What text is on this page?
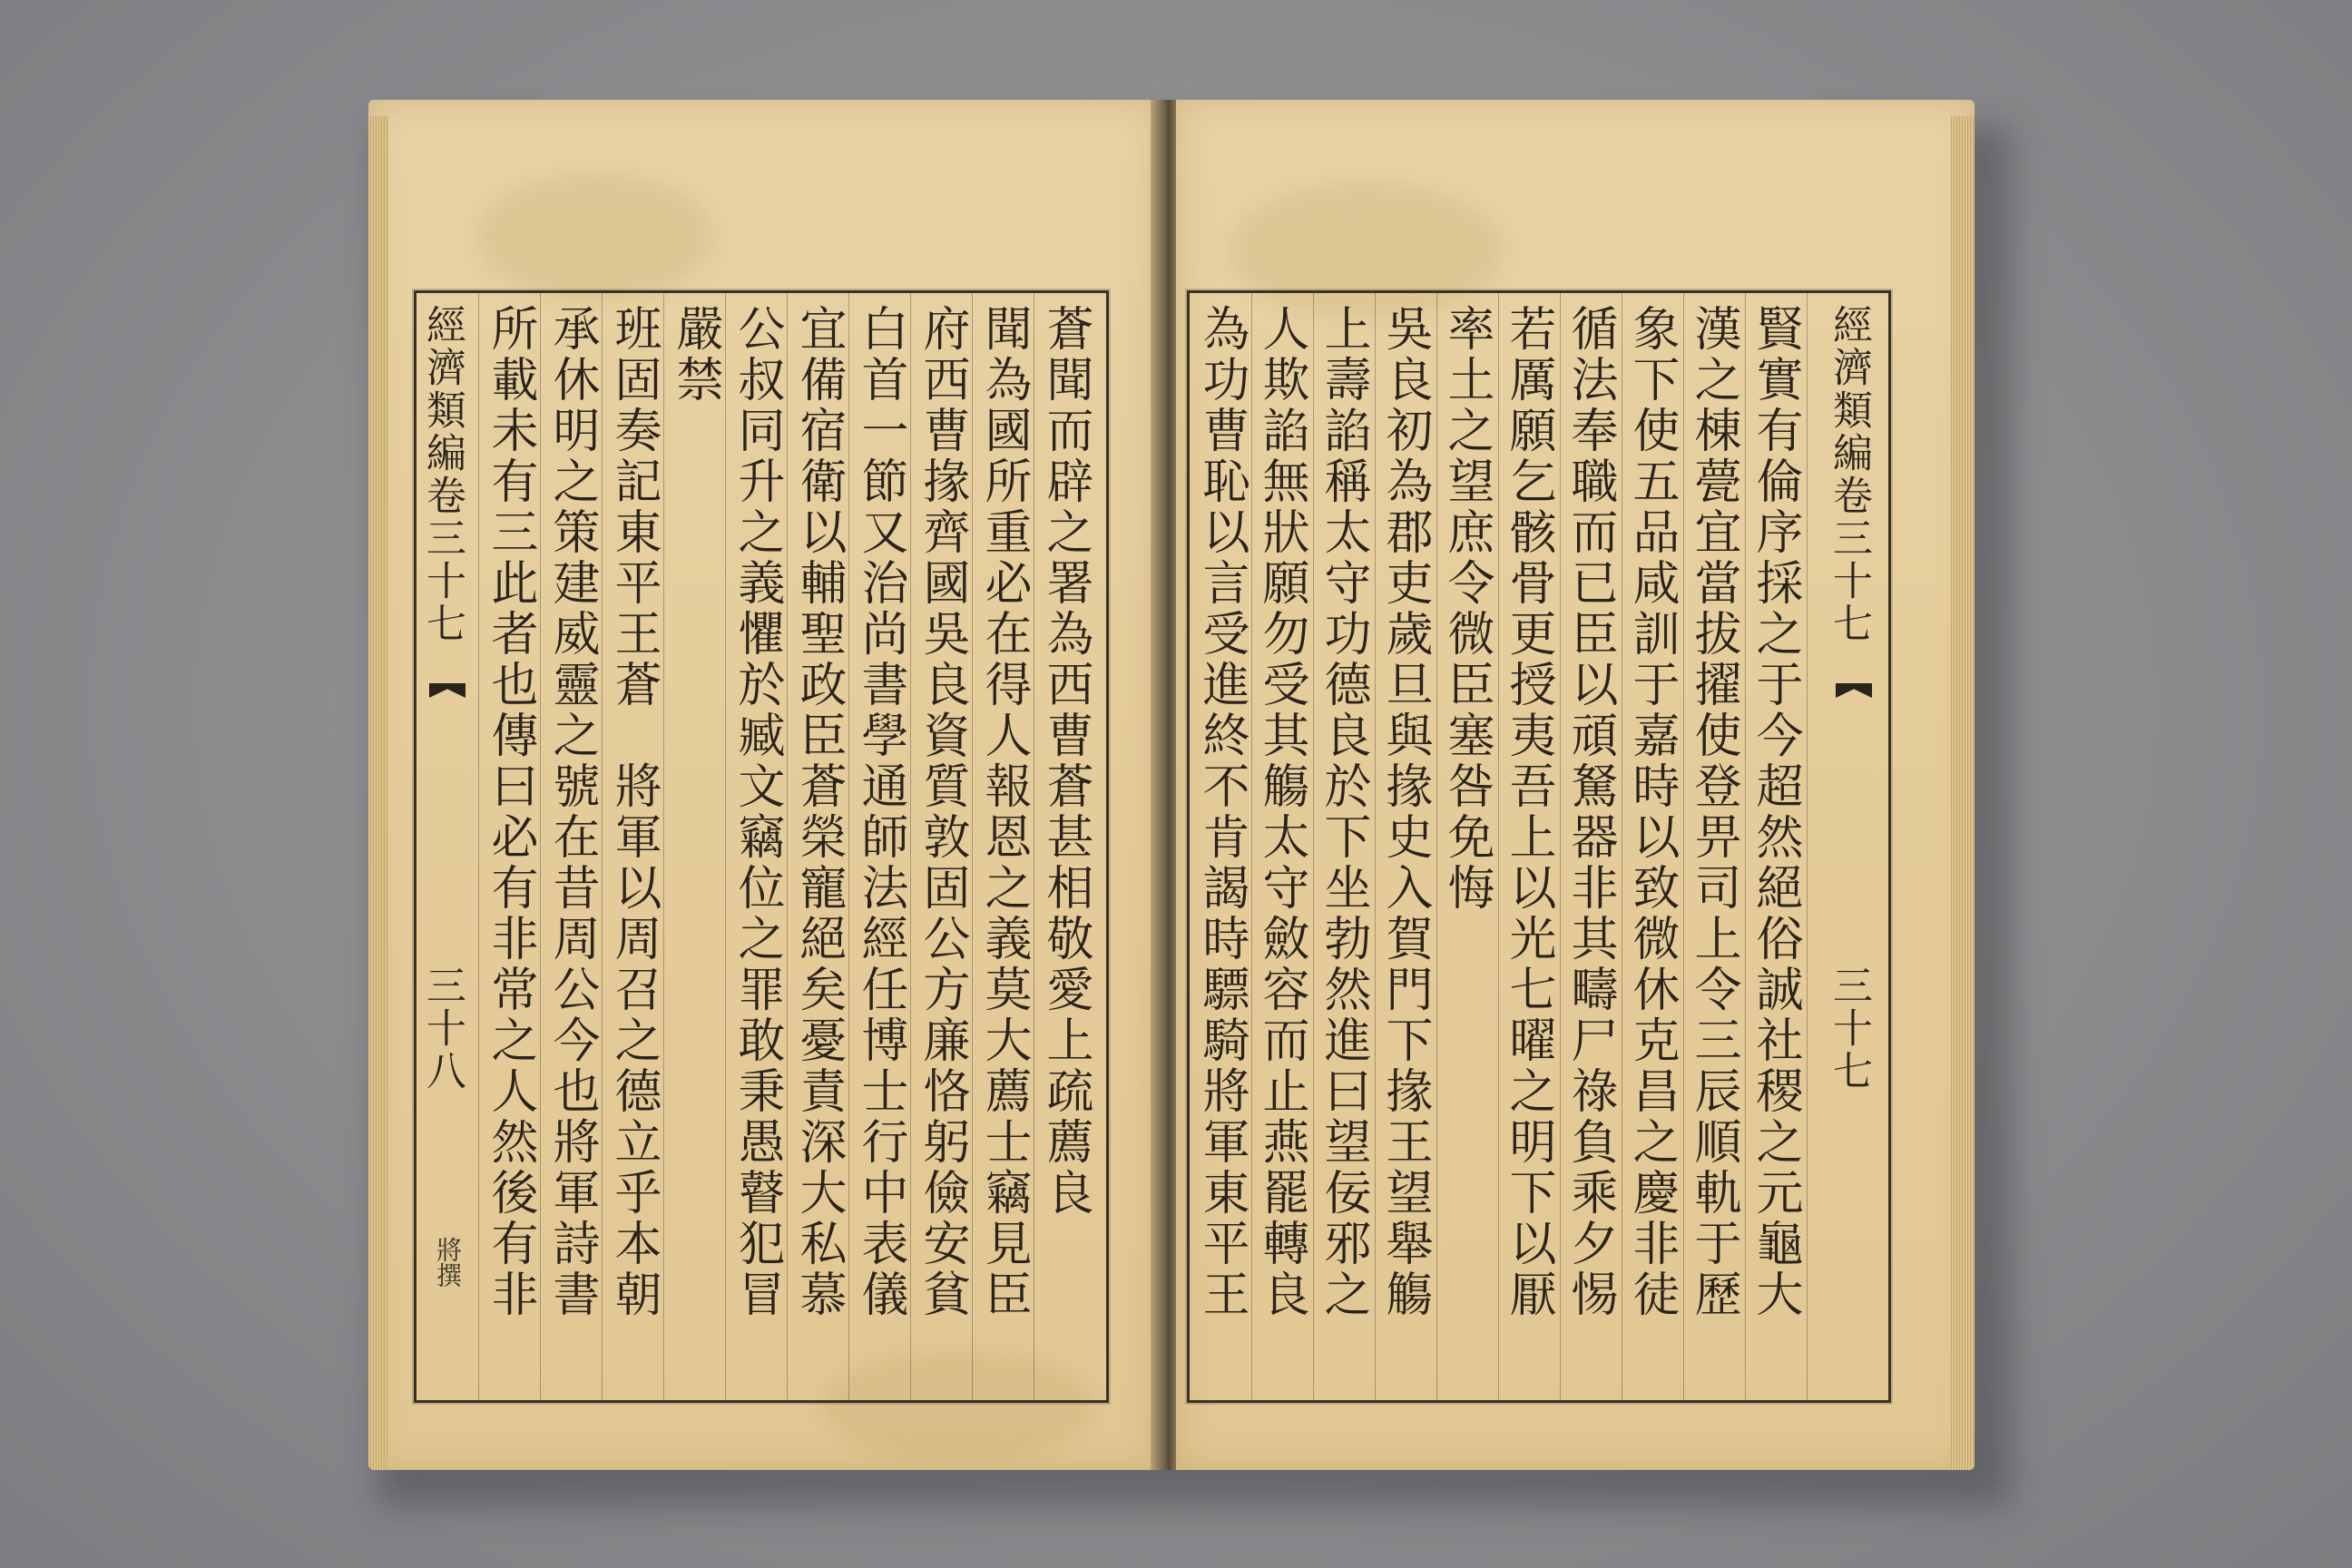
蒼聞而辟之署為西曹蒼甚相敬愛上疏薦良
聞為國所重必在得人報恩之義莫大薦士竊見臣
府西曹掾齊國吳良資質敦固公方廉恪躬儉安貧
白首一節又治尚書學通師法經任博士行中表儀
宜備宿衛以輔聖政臣蒼榮寵絕矣憂責深大私慕
公叔同升之義懼於臧文竊位之罪敢秉愚瞽犯冒
嚴禁
班固奏記東平王蒼　將軍以周召之德立乎本朝
承休明之策建威靈之號在昔周公今也將軍詩書
所載未有三此者也傳曰必有非常之人然後有非
經濟類編卷三十七
三十八
將撰

經濟類編卷三十七
三十七
賢實有倫序採之于今超然絕俗誠社稷之元龜大
漢之棟甍宜當拔擢使登畀司上令三辰順軌于歷
象下使五品咸訓于嘉時以致微休克昌之慶非徒
循法奉職而已臣以頑駑器非其疇尸祿負乘夕惕
若厲願乞骸骨更授夷吾上以光七曜之明下以厭
率土之望庶令微臣塞咎免悔
吳良初為郡吏歲旦與掾史入賀門下掾王望舉觴
上壽諂稱太守功德良於下坐勃然進曰望佞邪之
人欺諂無狀願勿受其觴太守斂容而止燕罷轉良
為功曹恥以言受進終不肯謁時驃騎將軍東平王
